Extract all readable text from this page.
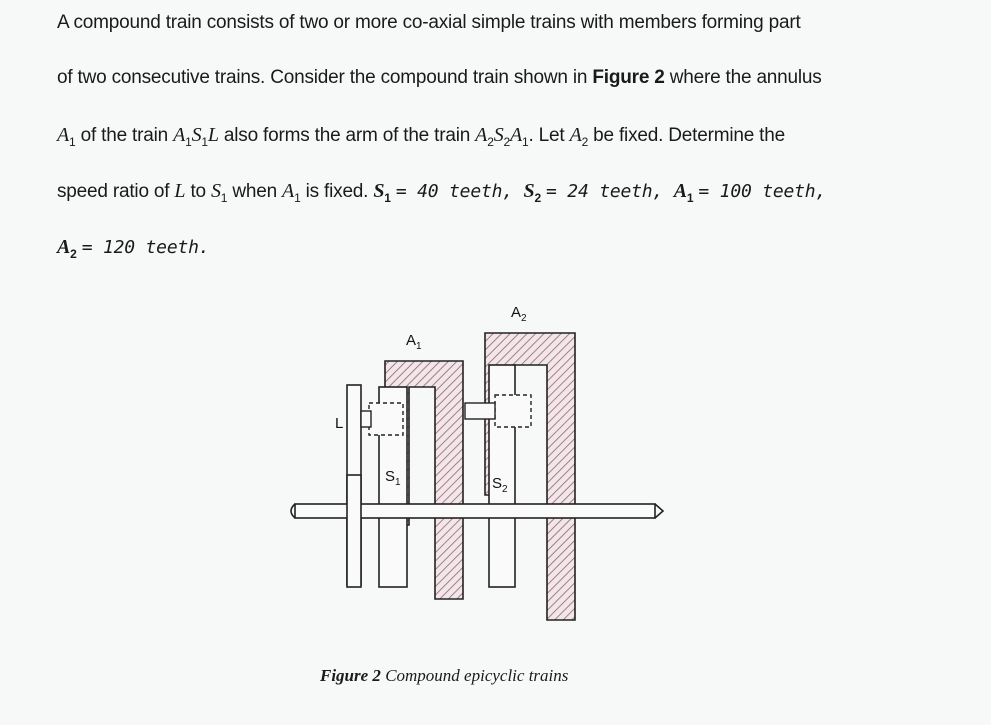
A compound train consists of two or more co-axial simple trains with members forming part
of two consecutive trains. Consider the compound train shown in Figure 2 where the annulus
$A_1$ of the train $A_1S_1L$ also forms the arm of the train $A_2S_2A_1$. Let $A_2$ be fixed. Determine the
speed ratio of L to $S_1$ when $A_1$ is fixed. $S_1 = 40$ teeth, $S_2 = 24$ teeth, $A_1 = 100$ teeth,
$A_2 = 120$ teeth.
$A_1$
$A_2$
L
$S_1$	$S_2$
Figure 2 Compound epicyclic trains
